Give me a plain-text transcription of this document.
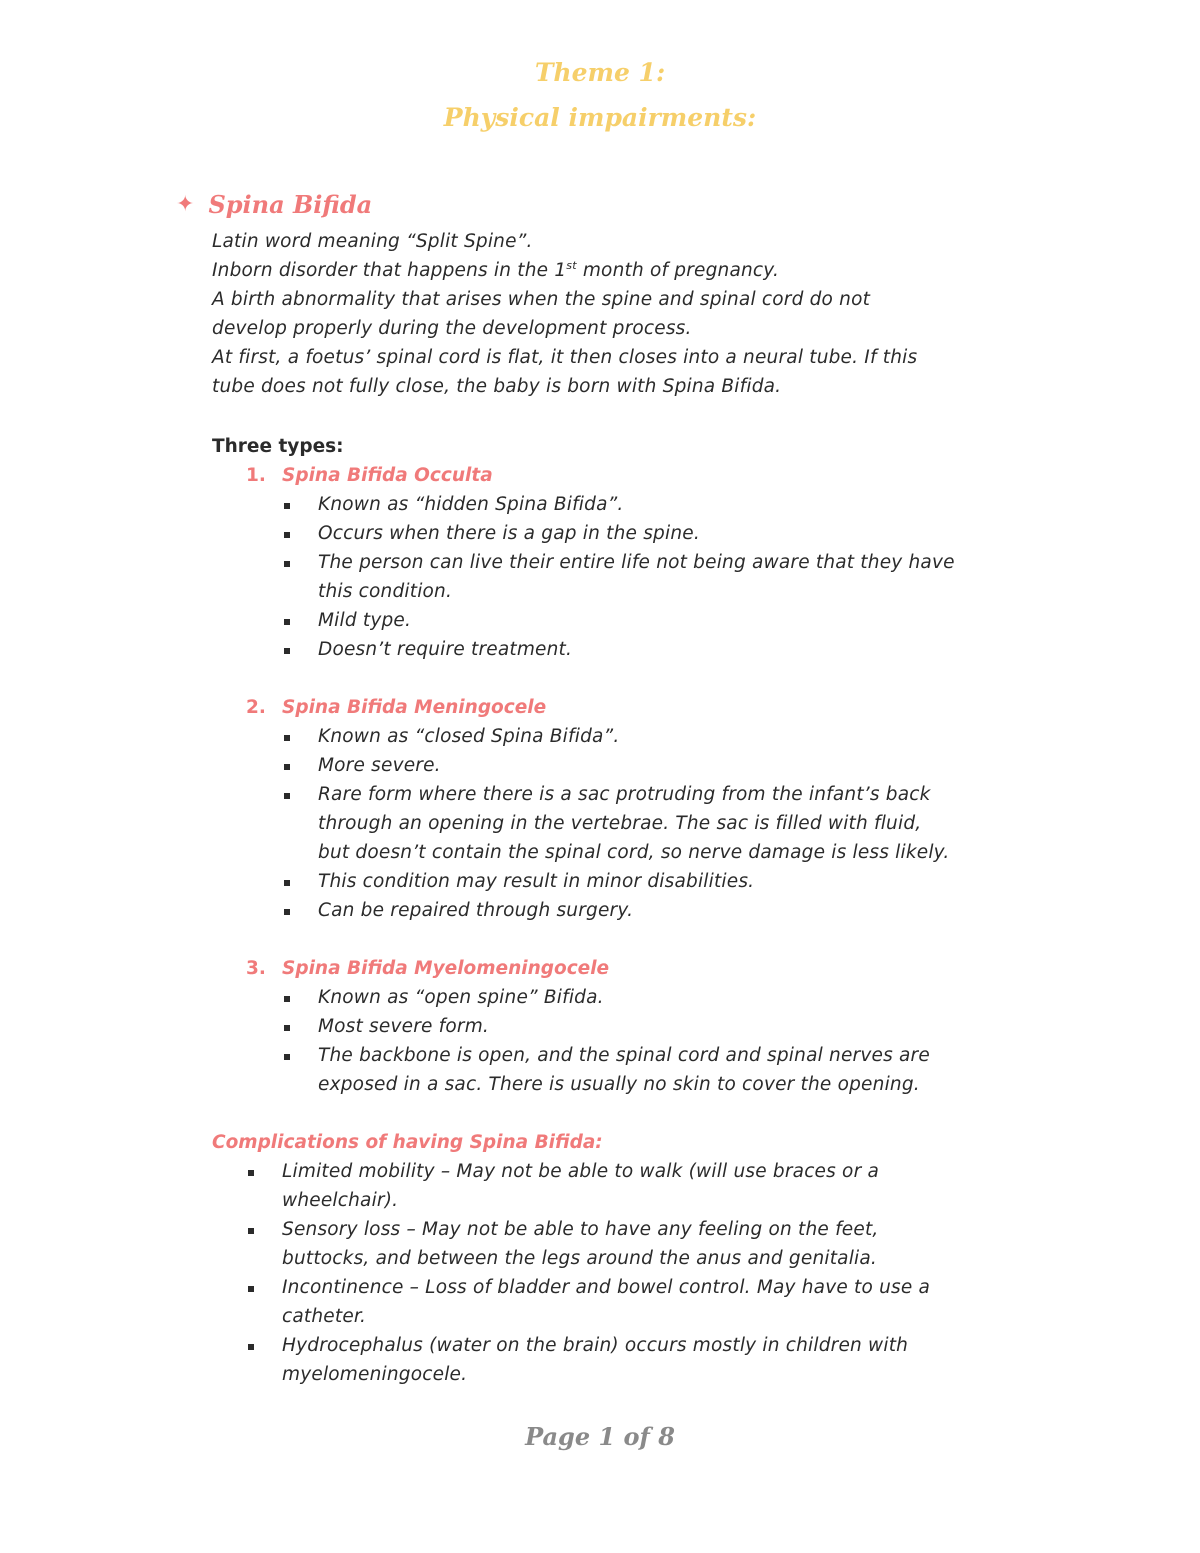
Theme 1:
Physical impairments:
✦ Spina Bifida
Latin word meaning “Split Spine”.
Inborn disorder that happens in the 1st month of pregnancy.
A birth abnormality that arises when the spine and spinal cord do not
develop properly during the development process.
At first, a foetus’ spinal cord is flat, it then closes into a neural tube. If this
tube does not fully close, the baby is born with Spina Bifida.

Three types:

1. Spina Bifida Occulta
Known as “hidden Spina Bifida”.
Occurs when there is a gap in the spine.
The person can live their entire life not being aware that they have
this condition.
Mild type.
Doesn’t require treatment.
2. Spina Bifida Meningocele
Known as “closed Spina Bifida”.
More severe.
Rare form where there is a sac protruding from the infant’s back
through an opening in the vertebrae. The sac is filled with fluid,
but doesn’t contain the spinal cord, so nerve damage is less likely.
This condition may result in minor disabilities.
Can be repaired through surgery.
3. Spina Bifida Myelomeningocele
Known as “open spine” Bifida.
Most severe form.
The backbone is open, and the spinal cord and spinal nerves are
exposed in a sac. There is usually no skin to cover the opening.

Complications of having Spina Bifida:

Limited mobility – May not be able to walk (will use braces or a
wheelchair).
Sensory loss – May not be able to have any feeling on the feet,
buttocks, and between the legs around the anus and genitalia.
Incontinence – Loss of bladder and bowel control. May have to use a
catheter.
Hydrocephalus (water on the brain) occurs mostly in children with
myelomeningocele.

Page 1 of 8
